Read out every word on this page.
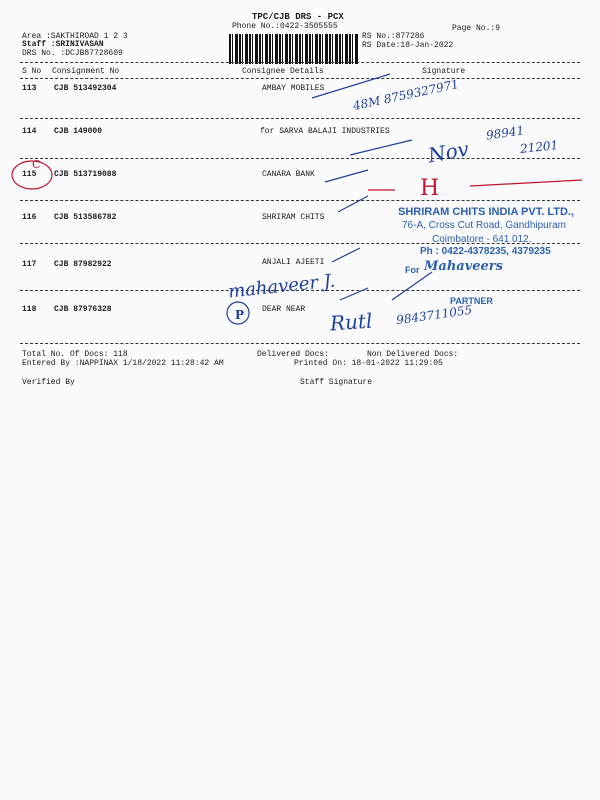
TPC/CJB DRS - PCX
Phone No.:0422-3505555	Page No.:9
Area :SAKTHIROAD 1 2 3
Staff :SRINIVASAN
DRS No. :DCJB87728609
RS No.:877286
RS Date:18-Jan-2022
S No Consignment No	Consignee Details	Signature
113 CJB 513492304	AMBAY MOBILES
114 CJB 149000	for SARVA BALAJI INDUSTRIES
115 CJB 513719088	CANARA BANK
116 CJB 513586782	SHRIRAM CHITS
117 CJB 87982922	ANJALI AJEETI
118 CJB 87976328	DEAR NEAR
Total No. Of Docs: 118	Delivered Docs:	Non Delivered Docs:
Entered By :NAPPINAX 1/18/2022 11:28:42 AM	Printed On: 18-01-2022 11:29:05
Verified By	Staff Signature
SHRIRAM CHITS INDIA PVT. LTD.,
76-A, Cross Cut Road, Gandhipuram
Coimbatore - 641 012.
Ph : 0422-4378235, 4379235
For Mahaveers
PARTNER
48M 8759327971
98941
21201
Nov
H
mahaveer J.
P	Rutl 9843711055
C
